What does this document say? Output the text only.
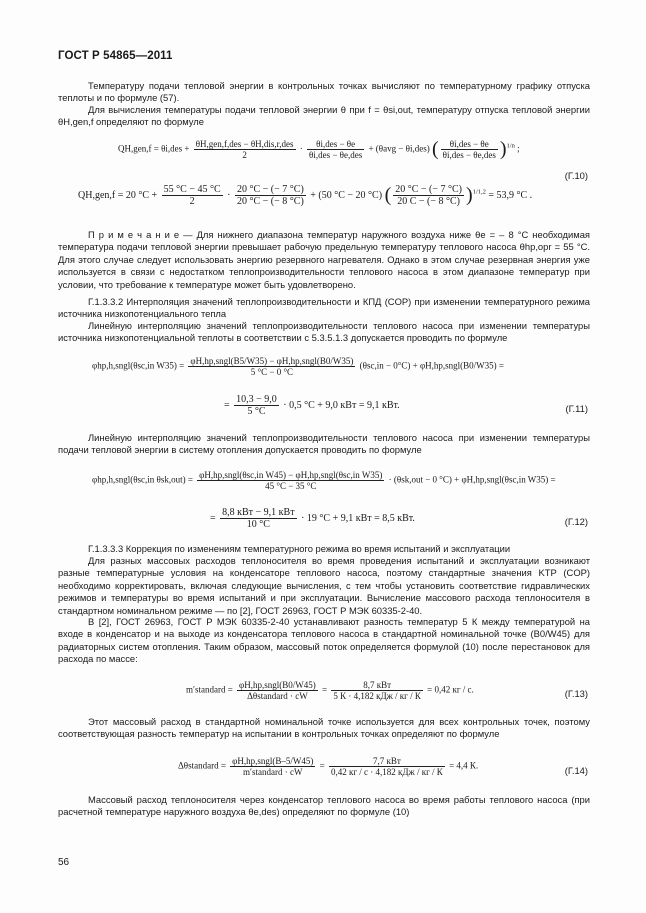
ГОСТ Р 54865—2011
Температуру подачи тепловой энергии в контрольных точках вычисляют по температурному графику отпуска теплоты и по формуле (57).
Для вычисления температуры подачи тепловой энергии θ при f = θsi,out, температуру отпуска тепловой энергии θH,gen,f определяют по формуле
$QH,gen,f = \theta i,des + \frac{\text{θH,gen,f,des − θH,dis,r,des}}{2} \cdot \frac{\text{θi,des − θe}}{\text{θi,des − θe,des}} + (\theta avg - \theta i,des)$ ( $\frac{\text{θi,des − θe}}{\text{θi,des − θe,des}} )^{1/n}$ ;
(Г.10)
QH,gen,f = 20 $^\circ C + \frac{55 ^\circ C - 45 ^\circ C}{2} \cdot \frac{20 ^\circ C - (- 7 ^\circ C)}{20 ^\circ C - (- 8 ^\circ C)} + (50$ °C − 20 °C) ( $\frac{20 ^\circ C - (- 7 ^\circ C)}{20 C - (- 8 ^\circ C)} )^{1/1,2} = 53,9$ °C .
П р и м е ч а н и е — Для нижнего диапазона температур наружного воздуха ниже θe = – 8 °C необходимая температура подачи тепловой энергии превышает рабочую предельную температуру теплового насоса θhp,opr = 55 °C. Для этого случае следует использовать энергию резервного нагревателя. Однако в этом случае резервная энергия уже используется в связи с недостатком теплопроизводительности теплового насоса в этом диапазоне температур при условии, что требование к температуре может быть удовлетворено.
Г.1.3.3.2 Интерполяция значений теплопроизводительности и КПД (COP) при изменении температурного режима источника низкопотенциального тепла
Линейную интерполяцию значений теплопроизводительности теплового насоса при изменении температуры источника низкопотенциальной теплоты в соответствии с 5.3.5.1.3 допускается проводить по формуле
φhp,h,sngl(θsc,in $W35) = \frac{\text{φH,hp,sngl(B5/W35) − φH,hp,sngl(B0/W35)}}{5 ^\circ C - 0 ^\circ C} (\theta sc,in - 0^\circ C)$ + φH,hp,sngl(B0/W35) =
= $\frac{10,3 - 9,0}{5 ^\circ C} \cdot 0,5$ °C + 9,0 кВт = 9,1 кВт.	(Г.11)
Линейную интерполяцию значений теплопроизводительности теплового насоса при изменении температуры подачи тепловой энергии в систему отопления допускается проводить по формуле
φhp,h,sngl(θsc,in $\theta sk,out) = \frac{\text{φH,hp,sngl(θsc,in W45) − φH,hp,sngl(θsc,in W35)}}{45 ^\circ C - 35 ^\circ C} \cdot (\theta sk,out - 0$ °C) + φH,hp,sngl(θsc,in W35) =
= $\frac{\text{8,8 кВт − 9,1 кВт}}{10 ^\circ C} \cdot 19$ °C + 9,1 кВт = 8,5 кВт.	(Г.12)
Г.1.3.3.3 Коррекция по изменениям температурного режима во время испытаний и эксплуатации
Для разных массовых расходов теплоносителя во время проведения испытаний и эксплуатации возникают разные температурные условия на конденсаторе теплового насоса, поэтому стандартные значения KТР (COP) необходимо корректировать, включая следующие вычисления, с тем чтобы установить соответствие гидравлических режимов и температуры во время испытаний и при эксплуатации. Вычисление массового расхода теплоносителя в стандартном номинальном режиме — по [2], ГОСТ 26963, ГОСТ Р МЭК 60335-2-40.
В [2], ГОСТ 26963, ГОСТ Р МЭК 60335-2-40 устанавливают разность температур 5 К между температурой на входе в конденсатор и на выходе из конденсатора теплового насоса в стандартной номинальной точке (B0/W45) для радиаторных систем отопления. Таким образом, массовый поток определяется формулой (10) после перестановок для расхода по массе:
m′standard = $\frac{\text{φH,hp,sngl(B0/W45)}}{\text{Δθstandard · cW}} = \frac{\text{8,7 кВт}}{\text{5 К · 4,182 кДж / кг / К}} = 0,42$ кг / с.	(Г.13)
Этот массовый расход в стандартной номинальной точке используется для всех контрольных точек, поэтому соответствующая разность температур на испытании в контрольных точках определяют по формуле
Δθstandard = $\frac{\text{φH,hp,sngl(B–5/W45)}}{\text{m′standard · cW}} = \frac{\text{7,7 кВт}}{\text{0,42 кг / с · 4,182 кДж / кг / К}} = 4,4$ К.	(Г.14)
Массовый расход теплоносителя через конденсатор теплового насоса во время работы теплового насоса (при расчетной температуре наружного воздуха θe,des) определяют по формуле (10)
56
